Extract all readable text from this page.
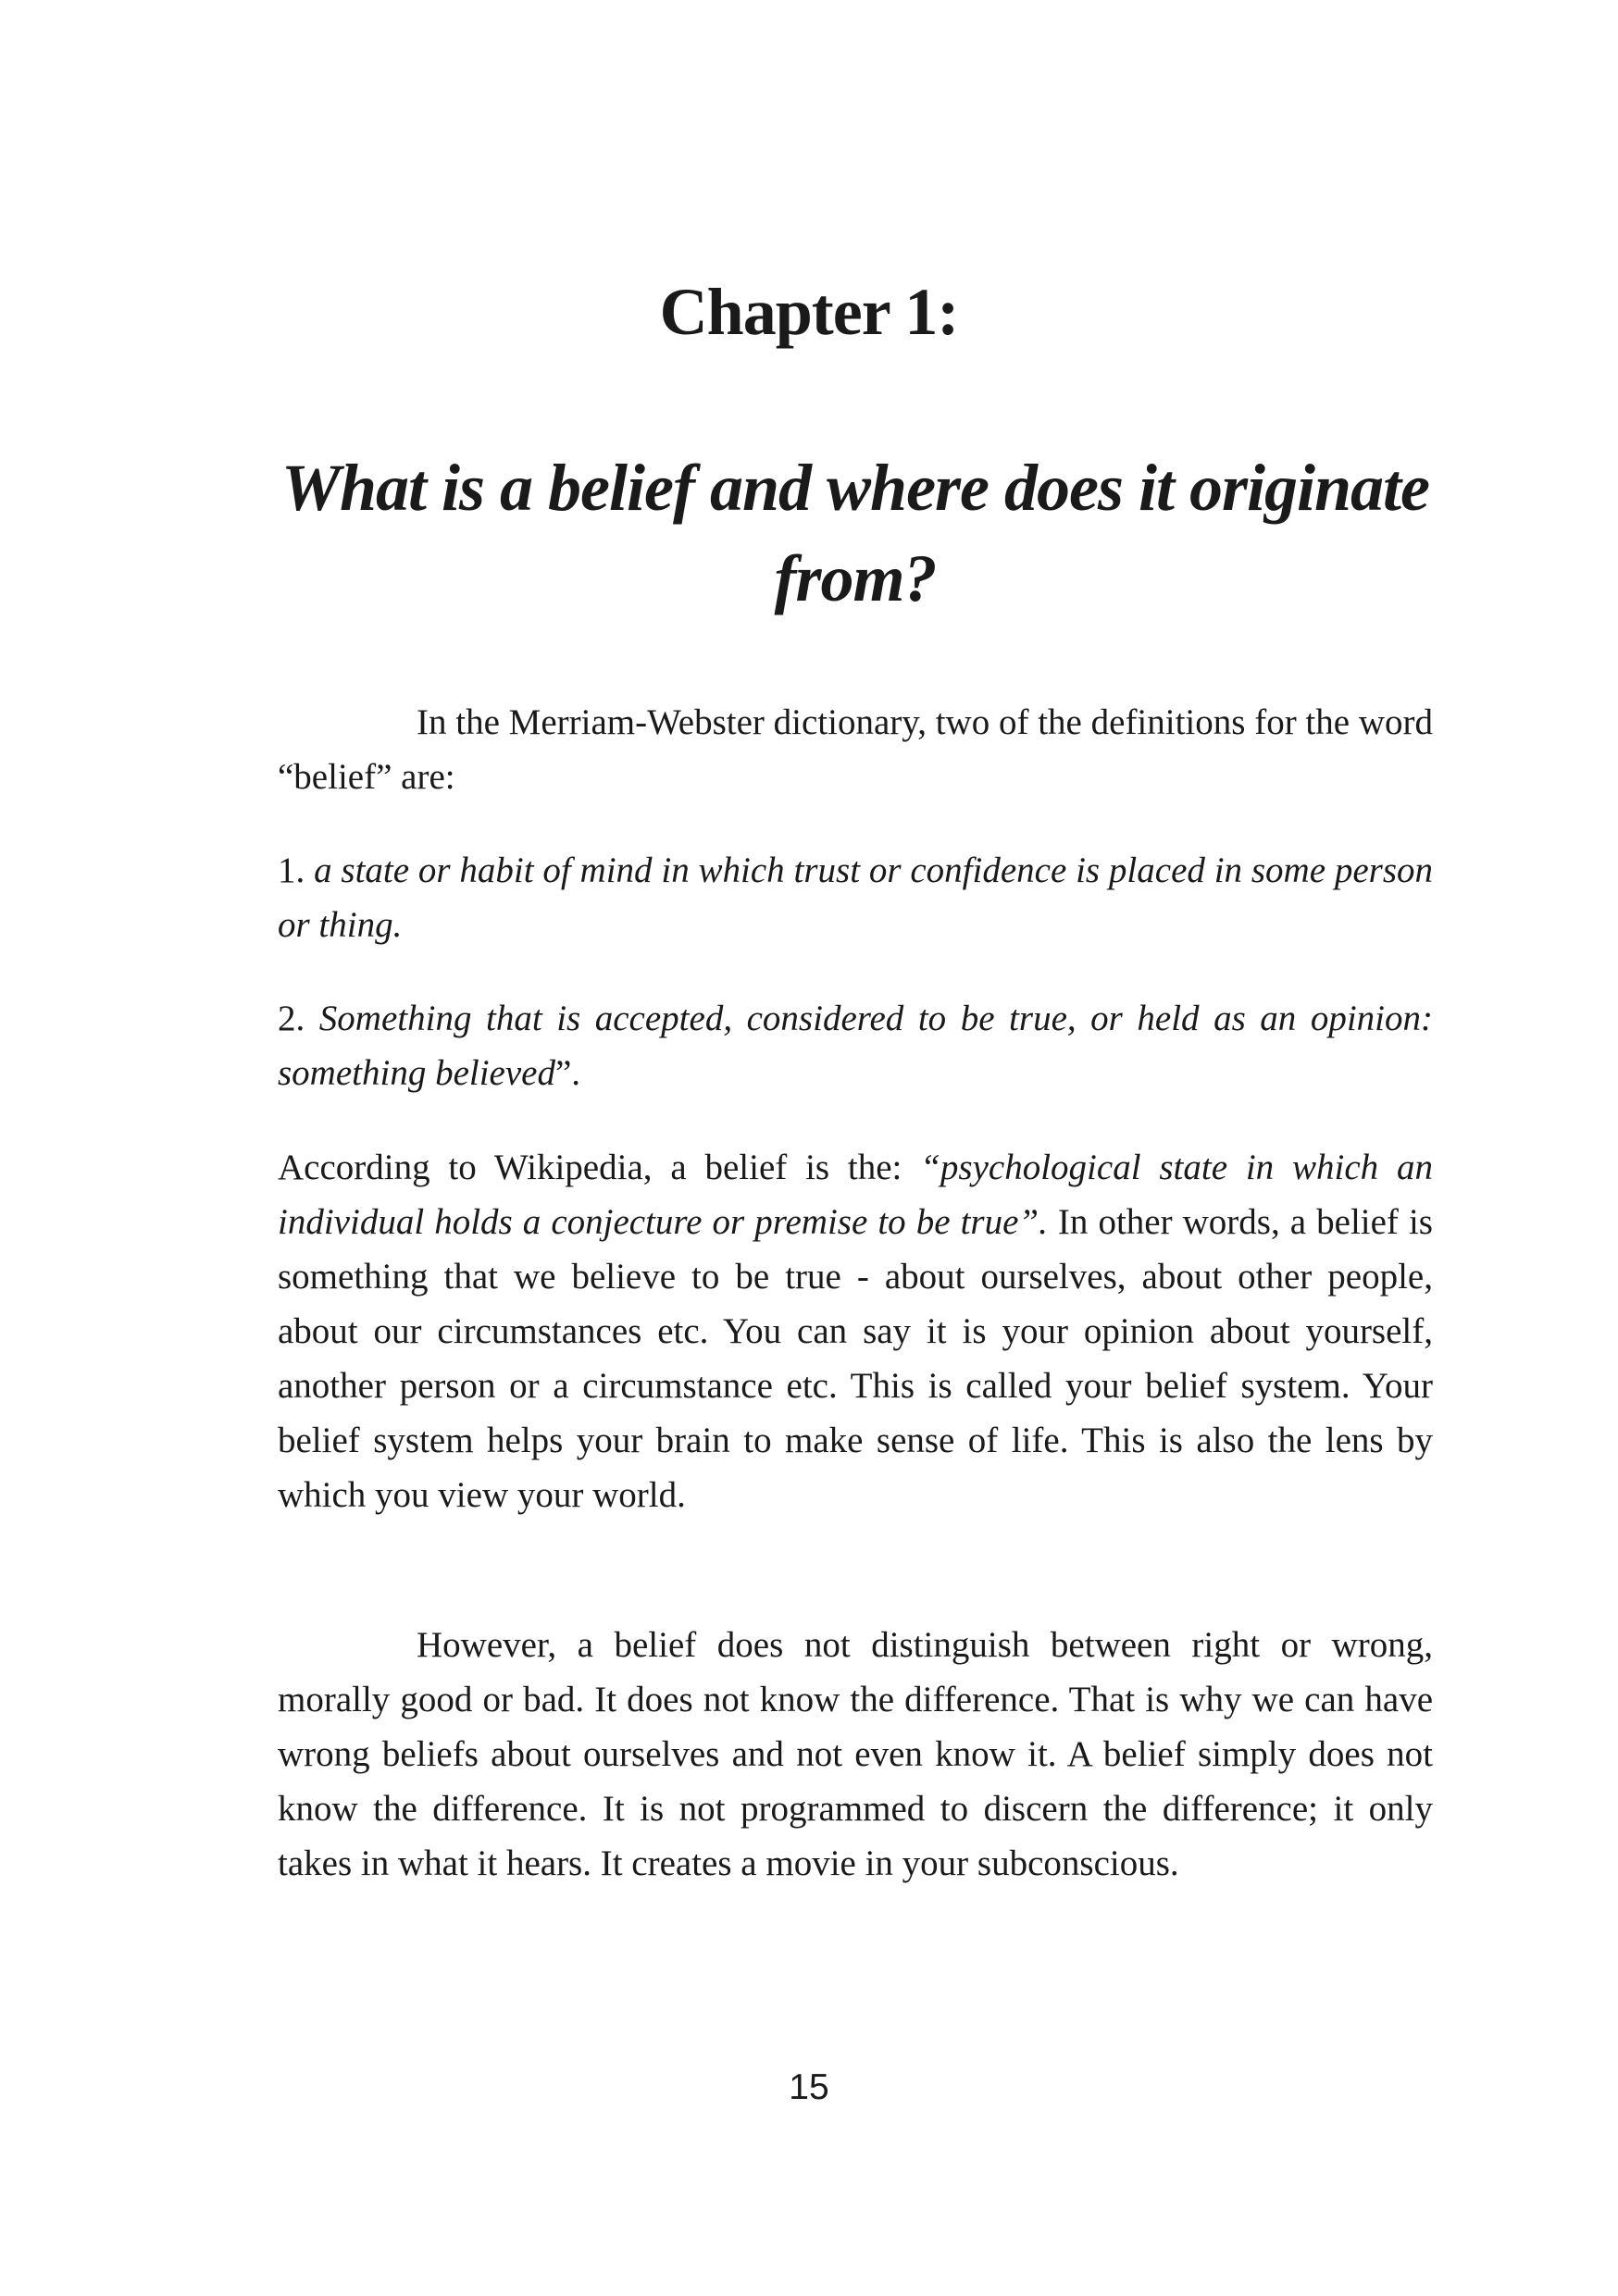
Chapter 1:
What is a belief and where does it originate from?

In the Merriam-Webster dictionary, two of the definitions for the word “belief” are:

1. a state or habit of mind in which trust or confidence is placed in some person or thing.

2. Something that is accepted, considered to be true, or held as an opinion: something believed”.

According to Wikipedia, a belief is the: “psychological state in which an individual holds a conjecture or premise to be true”. In other words, a belief is something that we believe to be true - about ourselves, about other people, about our circumstances etc. You can say it is your opinion about yourself, another person or a circumstance etc. This is called your belief system. Your belief system helps your brain to make sense of life. This is also the lens by which you view your world.

However, a belief does not distinguish between right or wrong, morally good or bad. It does not know the difference. That is why we can have wrong beliefs about ourselves and not even know it. A belief simply does not know the difference. It is not programmed to discern the difference; it only takes in what it hears. It creates a movie in your subconscious.

15
